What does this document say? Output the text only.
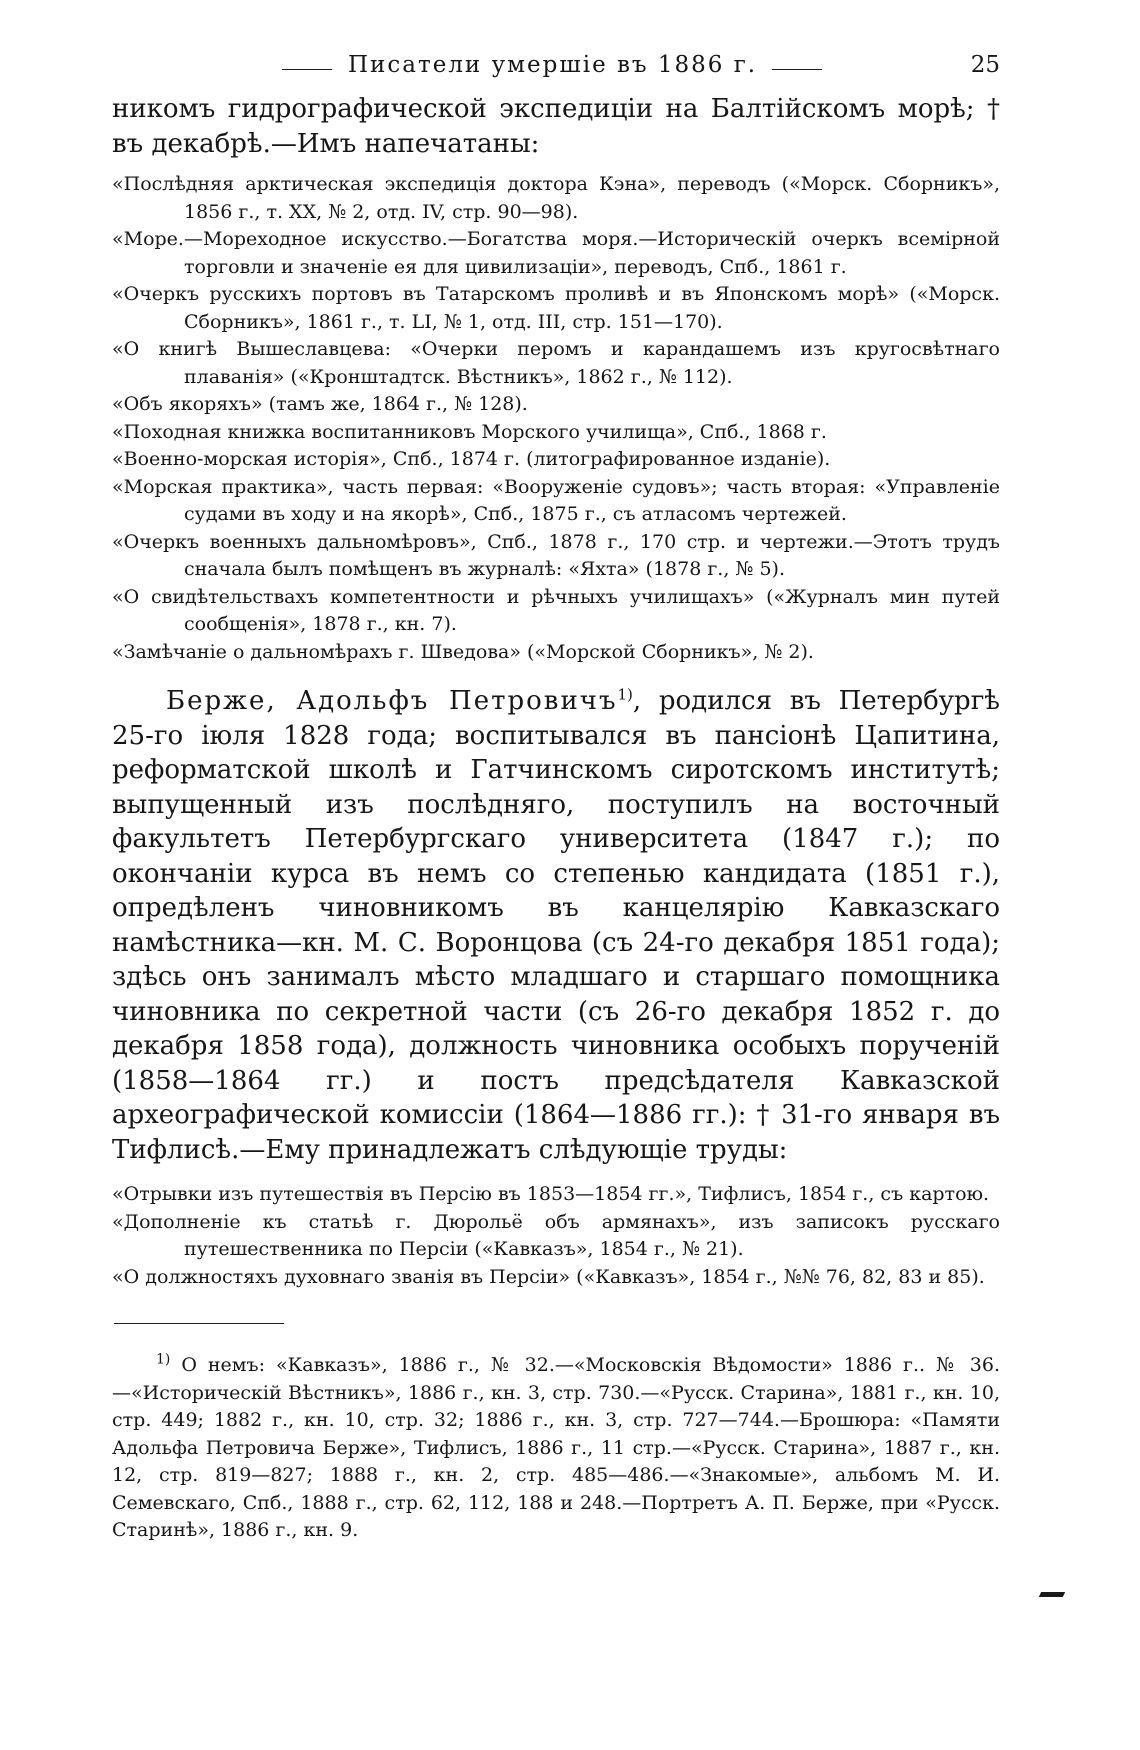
Писатели умершіе въ 1886 г.	25

никомъ гидрографической экспедиціи на Балтійскомъ морѣ; † въ декабрѣ.—Имъ напечатаны:

«Послѣдняя арктическая экспедиція доктора Кэна», переводъ («Морск. Сборникъ», 1856 г., т. XX, № 2, отд. IV, стр. 90—98).
«Море.—Мореходное искусство.—Богатства моря.—Историческій очеркъ всемірной торговли и значеніе ея для цивилизаціи», переводъ, Спб., 1861 г.
«Очеркъ русскихъ портовъ въ Татарскомъ проливѣ и въ Японскомъ морѣ» («Морск. Сборникъ», 1861 г., т. LI, № 1, отд. III, стр. 151—170).
«О книгѣ Вышеславцева: «Очерки перомъ и карандашемъ изъ кругосвѣтнаго плаванія» («Кронштадтск. Вѣстникъ», 1862 г., № 112).
«Объ якоряхъ» (тамъ же, 1864 г., № 128).
«Походная книжка воспитанниковъ Морского училища», Спб., 1868 г.
«Военно-морская исторія», Спб., 1874 г. (литографированное изданіе).
«Морская практика», часть первая: «Вооруженіе судовъ»; часть вторая: «Управленіе судами въ ходу и на якорѣ», Спб., 1875 г., съ атласомъ чертежей.
«Очеркъ военныхъ дальномѣровъ», Спб., 1878 г., 170 стр. и чертежи.—Этотъ трудъ сначала былъ помѣщенъ въ журналѣ: «Яхта» (1878 г., № 5).
«О свидѣтельствахъ компетентности и рѣчныхъ училищахъ» («Журналъ мин путей сообщенія», 1878 г., кн. 7).
«Замѣчаніе о дальномѣрахъ г. Шведова» («Морской Сборникъ», № 2).

Берже, Адольфъ Петровичъ$^{1)}$, родился въ Петербургѣ 25-го іюля 1828 года; воспитывался въ пансіонѣ Цапитина, реформатской школѣ и Гатчинскомъ сиротскомъ институтѣ; выпущенный изъ послѣдняго, поступилъ на восточный факультетъ Петербургскаго университета (1847 г.); по окончаніи курса въ немъ со степенью кандидата (1851 г.), опредѣленъ чиновникомъ въ канцелярію Кавказскаго намѣстника—кн. М. С. Воронцова (съ 24-го декабря 1851 года); здѣсь онъ занималъ мѣсто младшаго и старшаго помощника чиновника по секретной части (съ 26-го декабря 1852 г. до декабря 1858 года), должность чиновника особыхъ порученій (1858—1864 гг.) и постъ предсѣдателя Кавказской археографической комиссіи (1864—1886 гг.): † 31-го января въ Тифлисѣ.—Ему принадлежатъ слѣдующіе труды:

«Отрывки изъ путешествія въ Персію въ 1853—1854 гг.», Тифлисъ, 1854 г., съ картою.
«Дополненіе къ статьѣ г. Дюрольё объ армянахъ», изъ записокъ русскаго путешественника по Персіи («Кавказъ», 1854 г., № 21).
«О должностяхъ духовнаго званія въ Персіи» («Кавказъ», 1854 г., №№ 76, 82, 83 и 85).

$^{1)}$ О немъ: «Кавказъ», 1886 г., № 32.—«Московскія Вѣдомости» 1886 г.. № 36.—«Историческій Вѣстникъ», 1886 г., кн. 3, стр. 730.—«Русск. Старина», 1881 г., кн. 10, стр. 449; 1882 г., кн. 10, стр. 32; 1886 г., кн. 3, стр. 727—744.—Брошюра: «Памяти Адольфа Петровича Берже», Тифлисъ, 1886 г., 11 стр.—«Русск. Старина», 1887 г., кн. 12, стр. 819—827; 1888 г., кн. 2, стр. 485—486.—«Знакомые», альбомъ М. И. Семевскаго, Спб., 1888 г., стр. 62, 112, 188 и 248.—Портретъ А. П. Берже, при «Русск. Старинѣ», 1886 г., кн. 9.
